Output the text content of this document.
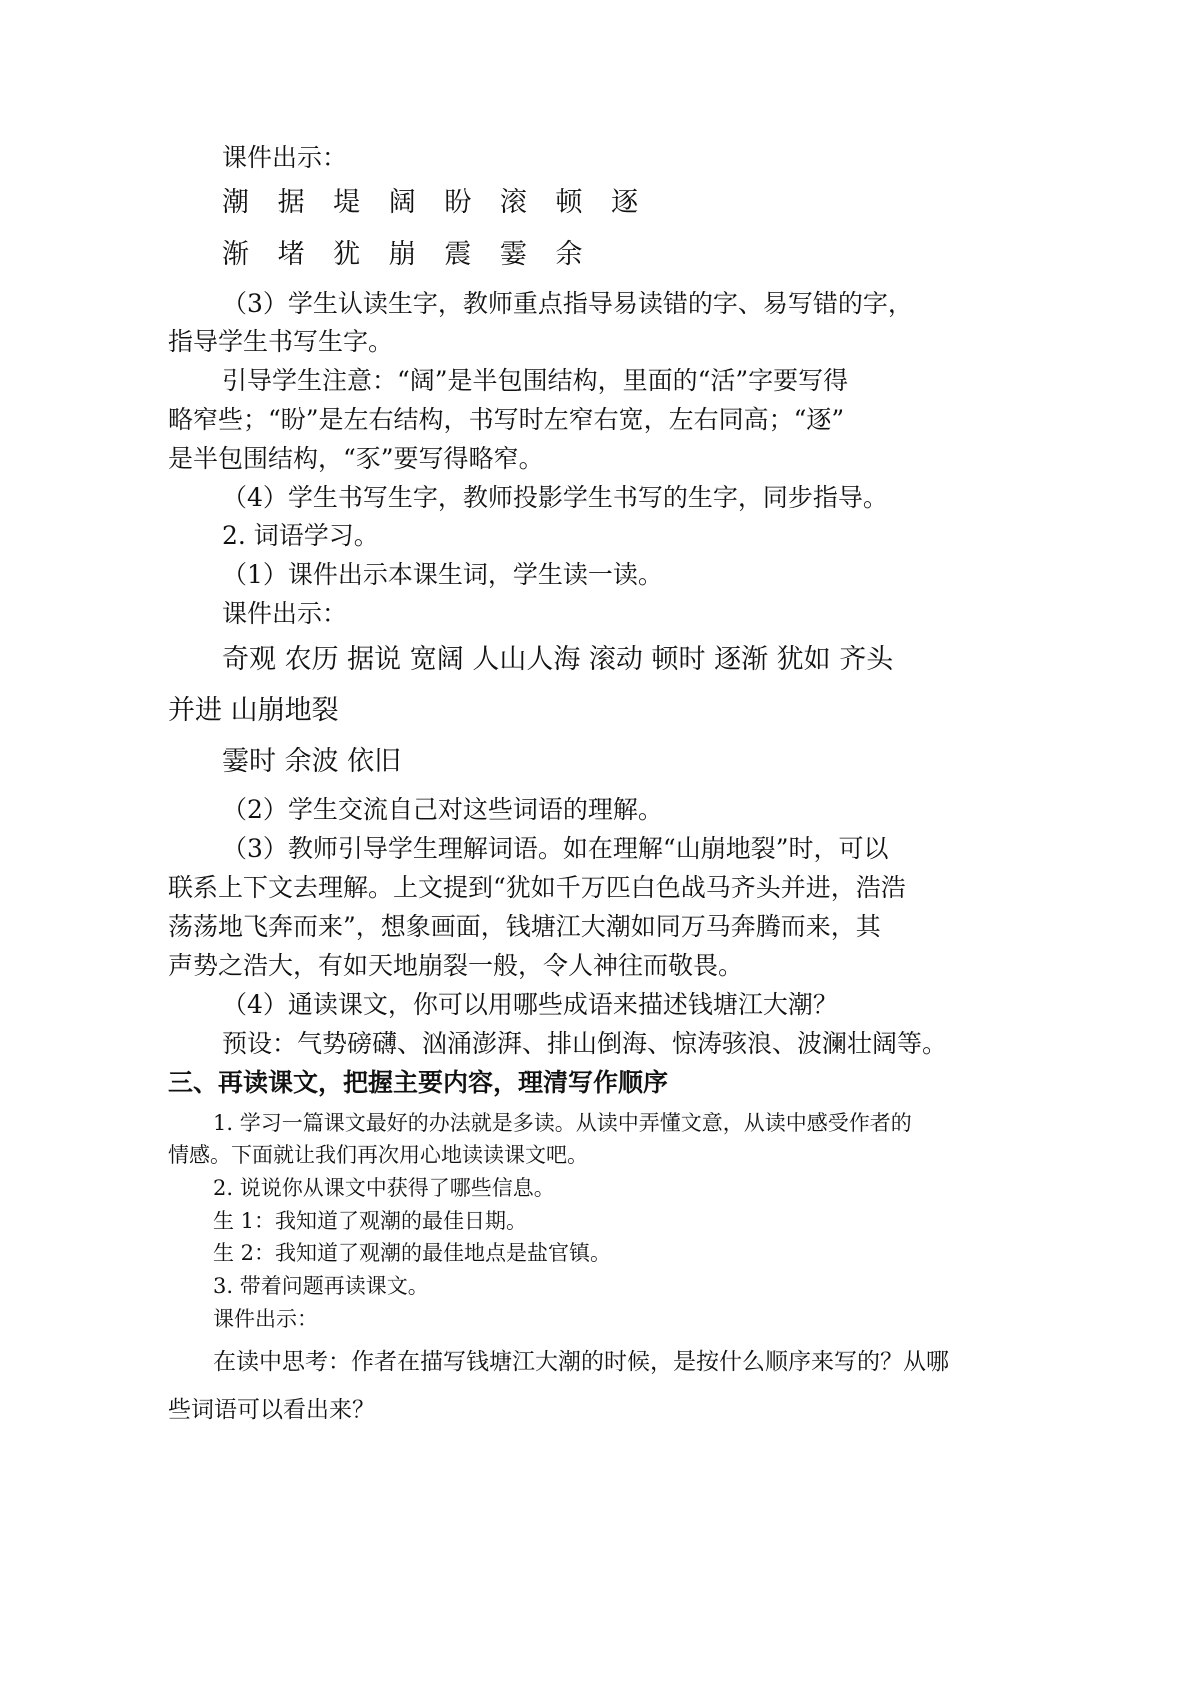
课件出示：
潮 据 堤 阔 盼 滚 顿 逐
渐 堵 犹 崩 震 霎 余
（3）学生认读生字，教师重点指导易读错的字、易写错的字，
指导学生书写生字。
引导学生注意：“阔”是半包围结构，里面的“活”字要写得
略窄些；“盼”是左右结构，书写时左窄右宽，左右同高；“逐”
是半包围结构，“豕”要写得略窄。
（4）学生书写生字，教师投影学生书写的生字，同步指导。
2. 词语学习。
（1）课件出示本课生词，学生读一读。
课件出示：
奇观 农历 据说 宽阔 人山人海 滚动 顿时 逐渐 犹如 齐头
并进 山崩地裂
霎时 余波 依旧
（2）学生交流自己对这些词语的理解。
（3）教师引导学生理解词语。如在理解“山崩地裂”时，可以
联系上下文去理解。上文提到“犹如千万匹白色战马齐头并进，浩浩
荡荡地飞奔而来”，想象画面，钱塘江大潮如同万马奔腾而来，其
声势之浩大，有如天地崩裂一般，令人神往而敬畏。
（4）通读课文，你可以用哪些成语来描述钱塘江大潮？
预设：气势磅礴、汹涌澎湃、排山倒海、惊涛骇浪、波澜壮阔等。
三、再读课文，把握主要内容，理清写作顺序
1. 学习一篇课文最好的办法就是多读。从读中弄懂文意，从读中感受作者的
情感。下面就让我们再次用心地读读课文吧。
2. 说说你从课文中获得了哪些信息。
生 1：我知道了观潮的最佳日期。
生 2：我知道了观潮的最佳地点是盐官镇。
3. 带着问题再读课文。
课件出示：
在读中思考：作者在描写钱塘江大潮的时候，是按什么顺序来写的？从哪
些词语可以看出来？
